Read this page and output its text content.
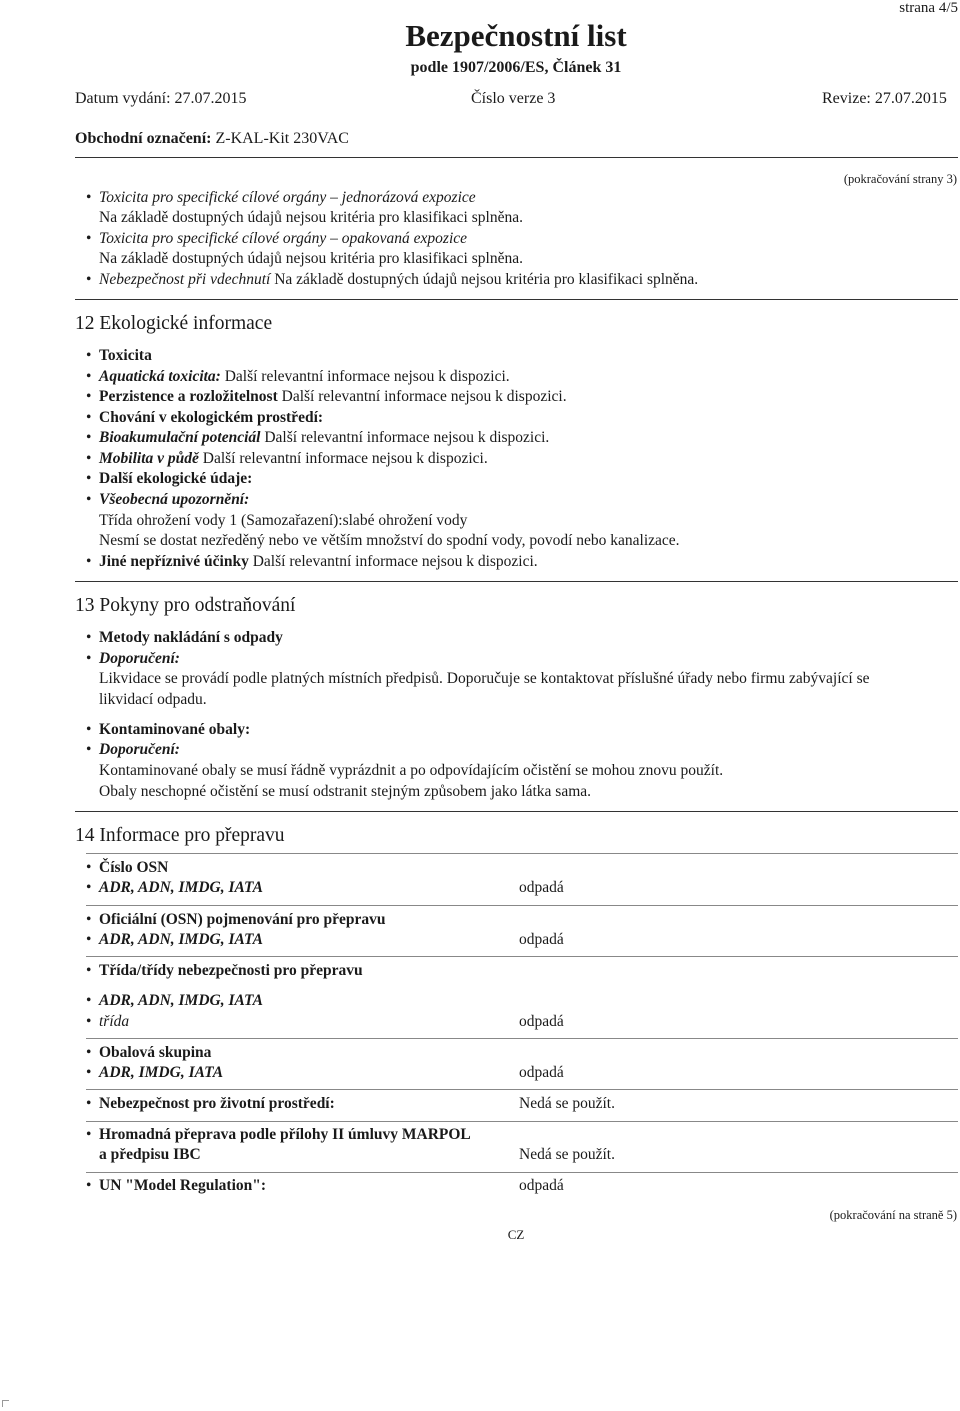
strana 4/5
Bezpečnostní list
podle 1907/2006/ES, Článek 31
Datum vydání: 27.07.2015	Číslo verze 3	Revize: 27.07.2015
Obchodní označení: Z-KAL-Kit 230VAC
(pokračování strany 3)
• Toxicita pro specifické cílové orgány – jednorázová expozice
Na základě dostupných údajů nejsou kritéria pro klasifikaci splněna.
• Toxicita pro specifické cílové orgány – opakovaná expozice
Na základě dostupných údajů nejsou kritéria pro klasifikaci splněna.
• Nebezpečnost při vdechnutí Na základě dostupných údajů nejsou kritéria pro klasifikaci splněna.
12 Ekologické informace
• Toxicita
• Aquatická toxicita: Další relevantní informace nejsou k dispozici.
• Perzistence a rozložitelnost Další relevantní informace nejsou k dispozici.
• Chování v ekologickém prostředí:
• Bioakumulační potenciál Další relevantní informace nejsou k dispozici.
• Mobilita v půdě Další relevantní informace nejsou k dispozici.
• Další ekologické údaje:
• Všeobecná upozornění:
Třída ohrožení vody 1 (Samozařazení):slabé ohrožení vody
Nesmí se dostat nezředěný nebo ve větším množství do spodní vody, povodí nebo kanalizace.
• Jiné nepříznivé účinky Další relevantní informace nejsou k dispozici.
13 Pokyny pro odstraňování
• Metody nakládání s odpady
• Doporučení:
Likvidace se provádí podle platných místních předpisů. Doporučuje se kontaktovat příslušné úřady nebo firmu zabývající se
likvidací odpadu.
• Kontaminované obaly:
• Doporučení:
Kontaminované obaly se musí řádně vyprázdnit a po odpovídajícím očistění se mohou znovu použít.
Obaly neschopné očistění se musí odstranit stejným způsobem jako látka sama.
14 Informace pro přepravu
• Číslo OSN
• ADR, ADN, IMDG, IATA	odpadá
• Oficiální (OSN) pojmenování pro přepravu
• ADR, ADN, IMDG, IATA	odpadá
• Třída/třídy nebezpečnosti pro přepravu
• ADR, ADN, IMDG, IATA
• třída	odpadá
• Obalová skupina
• ADR, IMDG, IATA	odpadá
• Nebezpečnost pro životní prostředí:	Nedá se použít.
• Hromadná přeprava podle přílohy II úmluvy MARPOL
a předpisu IBC	Nedá se použít.
• UN "Model Regulation":	odpadá
(pokračování na straně 5)
CZ
